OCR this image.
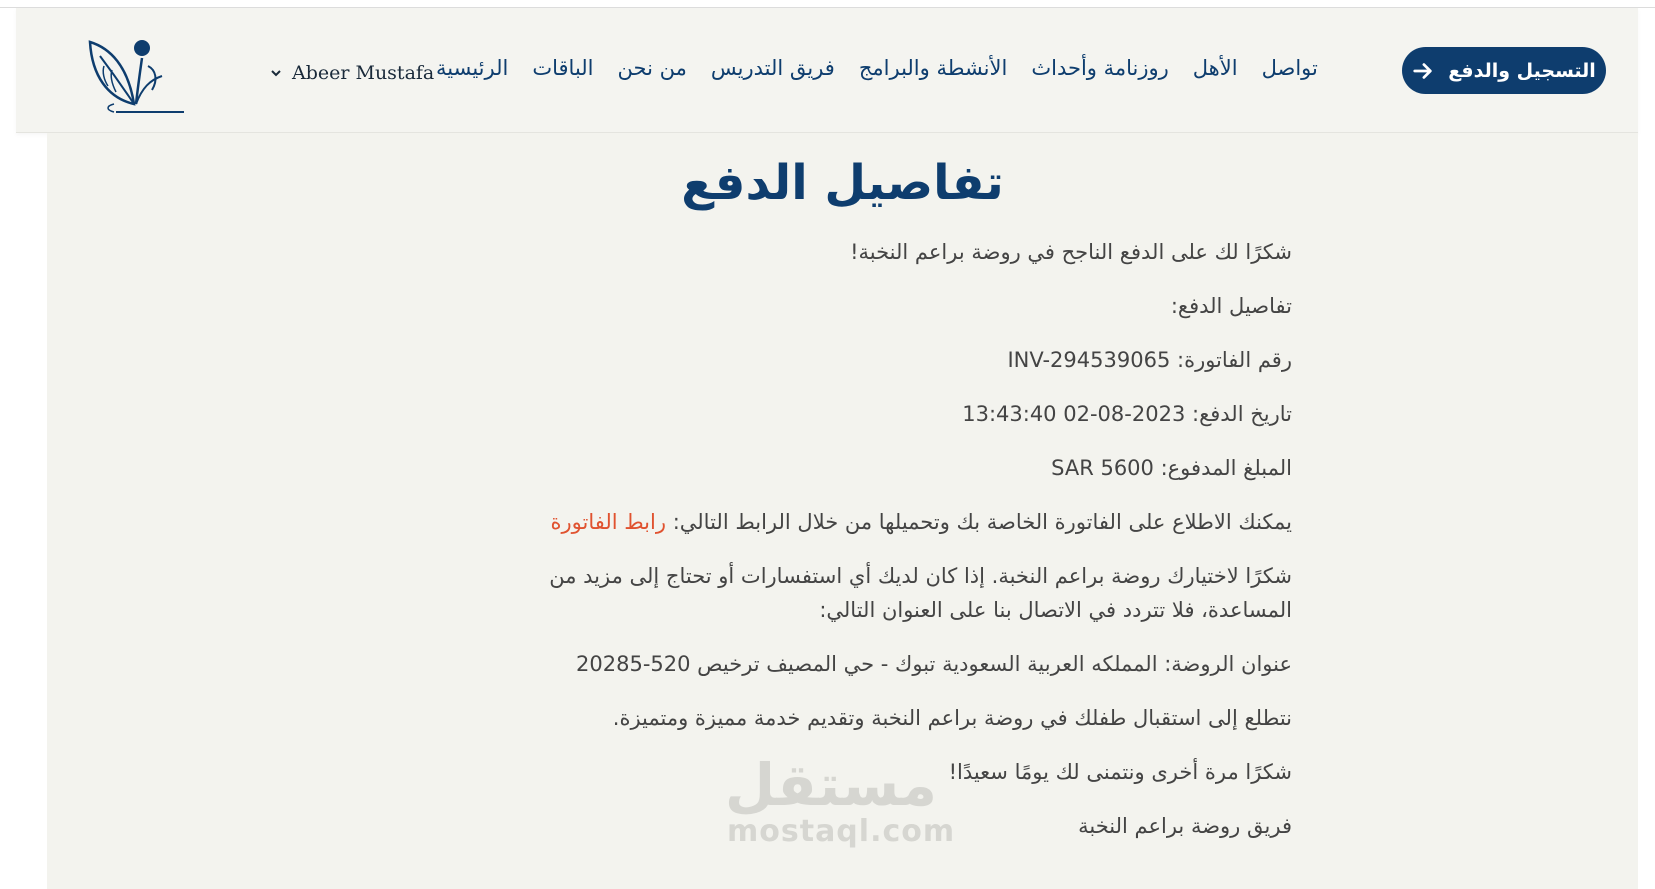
التسجيل والدفع
الرئيسية الباقات من نحن فريق التدريس الأنشطة والبرامج روزنامة وأحداث الأهل تواصل
Abeer Mustafa
تفاصيل الدفع

شكرًا لك على الدفع الناجح في روضة براعم النخبة!

تفاصيل الدفع:

رقم الفاتورة: INV-294539065

تاريخ الدفع: 2023-08-02 13:43:40

المبلغ المدفوع: SAR 5600

يمكنك الاطلاع على الفاتورة الخاصة بك وتحميلها من خلال الرابط التالي: رابط الفاتورة

شكرًا لاختيارك روضة براعم النخبة. إذا كان لديك أي استفسارات أو تحتاج إلى مزيد من المساعدة، فلا تتردد في الاتصال بنا على العنوان التالي:

عنوان الروضة: المملكه العربية السعودية تبوك - حي المصيف ترخيص 520-20285

نتطلع إلى استقبال طفلك في روضة براعم النخبة وتقديم خدمة مميزة ومتميزة.

شكرًا مرة أخرى ونتمنى لك يومًا سعيدًا!

فريق روضة براعم النخبة

مستقل
mostaql.com
